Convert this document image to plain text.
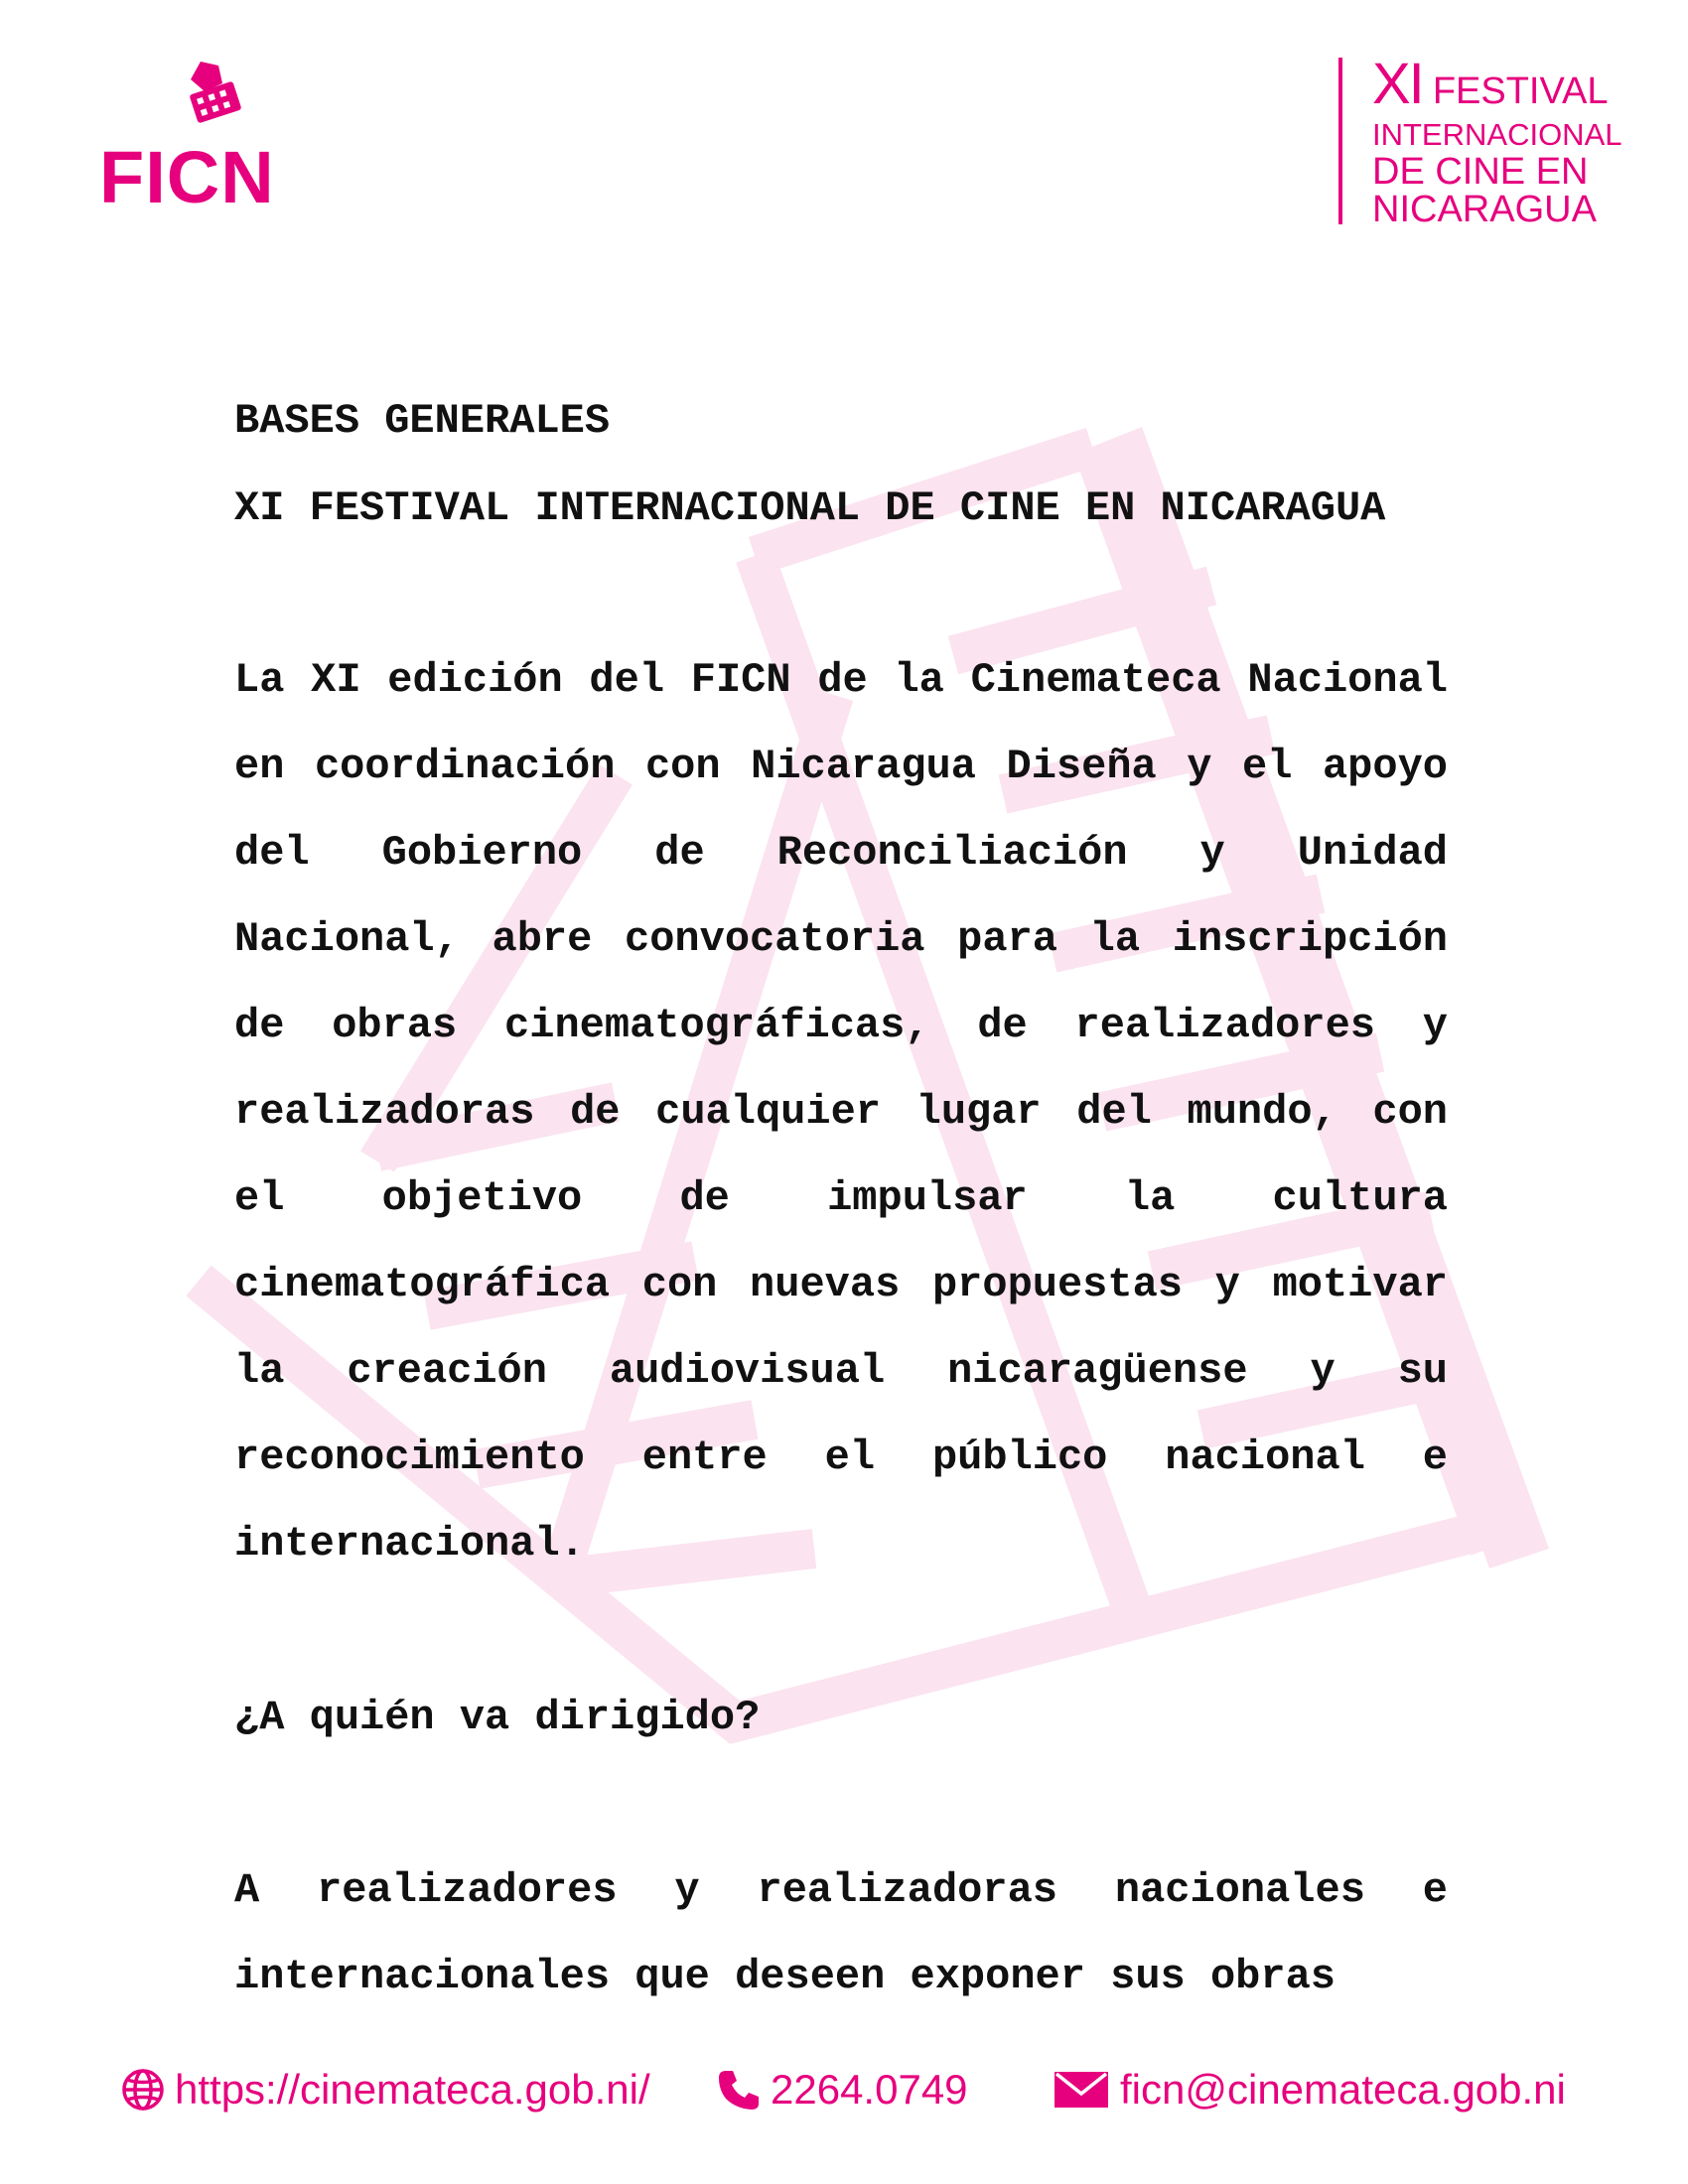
FICN
XI FESTIVAL
INTERNACIONAL
DE CINE EN
NICARAGUA

BASES GENERALES

XI FESTIVAL INTERNACIONAL DE CINE EN NICARAGUA

La XI edición del FICN de la Cinemateca Nacional en coordinación con Nicaragua Diseña y el apoyo del Gobierno de Reconciliación y Unidad Nacional, abre convocatoria para la inscripción de obras cinematográficas, de realizadores y realizadoras de cualquier lugar del mundo, con el objetivo de impulsar la cultura cinematográfica con nuevas propuestas y motivar la creación audiovisual nicaragüense y su reconocimiento entre el público nacional e internacional.

¿A quién va dirigido?

A realizadores y realizadoras nacionales e internacionales que deseen exponer sus obras

https://cinemateca.gob.ni/	2264.0749	ficn@cinemateca.gob.ni
